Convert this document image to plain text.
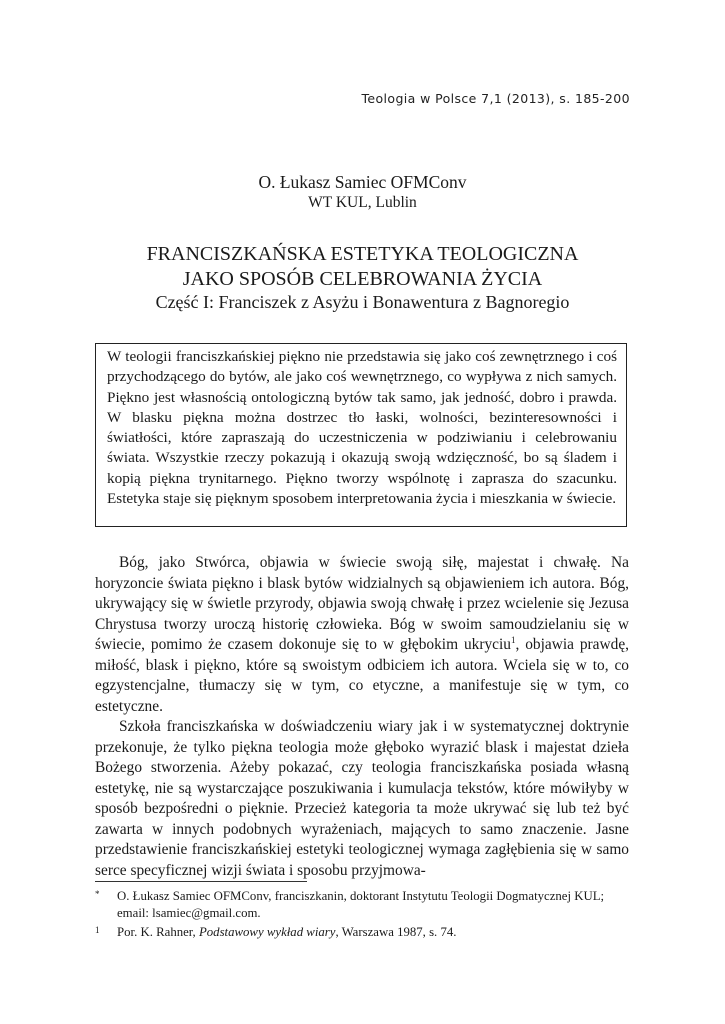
Teologia w Polsce 7,1 (2013), s. 185-200
O. Łukasz Samiec OFMConv
WT KUL, Lublin
FRANCISZKAŃSKA ESTETYKA TEOLOGICZNA
JAKO SPOSÓB CELEBROWANIA ŻYCIA
Część I: Franciszek z Asyżu i Bonawentura z Bagnoregio

W teologii franciszkańskiej piękno nie przedstawia się jako coś zewnętrznego i coś przychodzącego do bytów, ale jako coś wewnętrznego, co wypływa z nich samych. Piękno jest własnością ontologiczną bytów tak samo, jak jedność, dobro i prawda. W blasku piękna można dostrzec tło łaski, wolności, bezinteresowności i światłości, które zapraszają do uczestniczenia w podziwianiu i celebrowaniu świata. Wszystkie rzeczy pokazują i okazują swoją wdzięczność, bo są śladem i kopią piękna trynitarnego. Piękno tworzy wspólnotę i zaprasza do szacunku. Estetyka staje się pięknym sposobem interpretowania życia i mieszkania w świecie.

Bóg, jako Stwórca, objawia w świecie swoją siłę, majestat i chwałę. Na horyzoncie świata piękno i blask bytów widzialnych są objawieniem ich autora. Bóg, ukrywający się w świetle przyrody, objawia swoją chwałę i przez wcielenie się Jezusa Chrystusa tworzy uroczą historię człowieka. Bóg w swoim samoudzielaniu się w świecie, pomimo że czasem dokonuje się to w głębokim ukryciu$^1$, objawia prawdę, miłość, blask i piękno, które są swoistym odbiciem ich autora. Wciela się w to, co egzystencjalne, tłumaczy się w tym, co etyczne, a manifestuje się w tym, co estetyczne.

Szkoła franciszkańska w doświadczeniu wiary jak i w systematycznej doktrynie przekonuje, że tylko piękna teologia może głęboko wyrazić blask i majestat dzieła Bożego stworzenia. Ażeby pokazać, czy teologia franciszkańska posiada własną estetykę, nie są wystarczające poszukiwania i kumulacja tekstów, które mówiłyby w sposób bezpośredni o pięknie. Przecież kategoria ta może ukrywać się lub też być zawarta w innych podobnych wyrażeniach, mających to samo znaczenie. Jasne przedstawienie franciszkańskiej estetyki teologicznej wymaga zagłębienia się w samo serce specyficznej wizji świata i sposobu przyjmowa-

*	O. Łukasz Samiec OFMConv, franciszkanin, doktorant Instytutu Teologii Dogmatycznej KUL; email: lsamiec@gmail.com.

1	Por. K. Rahner, Podstawowy wykład wiary, Warszawa 1987, s. 74.
